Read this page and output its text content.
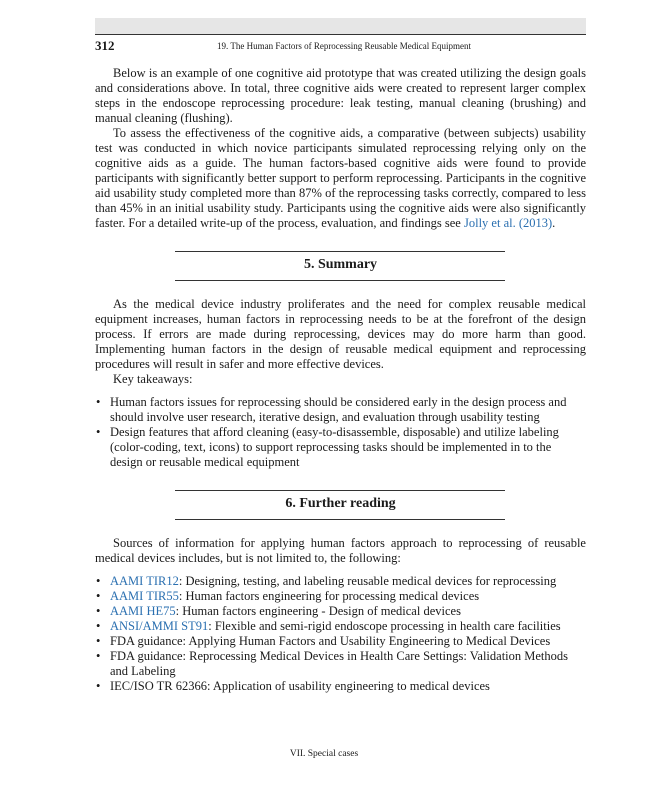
312	19. The Human Factors of Reprocessing Reusable Medical Equipment

Below is an example of one cognitive aid prototype that was created utilizing the design goals and considerations above. In total, three cognitive aids were created to represent larger complex steps in the endoscope reprocessing procedure: leak testing, manual cleaning (brushing) and manual cleaning (flushing).

To assess the effectiveness of the cognitive aids, a comparative (between subjects) usability test was conducted in which novice participants simulated reprocessing relying only on the cognitive aids as a guide. The human factors-based cognitive aids were found to provide participants with significantly better support to perform reprocessing. Participants in the cognitive aid usability study completed more than 87% of the reprocessing tasks correctly, compared to less than 45% in an initial usability study. Participants using the cognitive aids were also significantly faster. For a detailed write-up of the process, evaluation, and findings see Jolly et al. (2013).

5. Summary

As the medical device industry proliferates and the need for complex reusable medical equipment increases, human factors in reprocessing needs to be at the forefront of the design process. If errors are made during reprocessing, devices may do more harm than good. Implementing human factors in the design of reusable medical equipment and reprocessing procedures will result in safer and more effective devices.

Key takeaways:

• Human factors issues for reprocessing should be considered early in the design process and should involve user research, iterative design, and evaluation through usability testing
• Design features that afford cleaning (easy-to-disassemble, disposable) and utilize labeling (color-coding, text, icons) to support reprocessing tasks should be implemented in to the design or reusable medical equipment
6. Further reading

Sources of information for applying human factors approach to reprocessing of reusable medical devices includes, but is not limited to, the following:

• AAMI TIR12: Designing, testing, and labeling reusable medical devices for reprocessing
• AAMI TIR55: Human factors engineering for processing medical devices
• AAMI HE75: Human factors engineering - Design of medical devices
• ANSI/AMMI ST91: Flexible and semi-rigid endoscope processing in health care facilities
• FDA guidance: Applying Human Factors and Usability Engineering to Medical Devices
• FDA guidance: Reprocessing Medical Devices in Health Care Settings: Validation Methods and Labeling
• IEC/ISO TR 62366: Application of usability engineering to medical devices
VII. Special cases
